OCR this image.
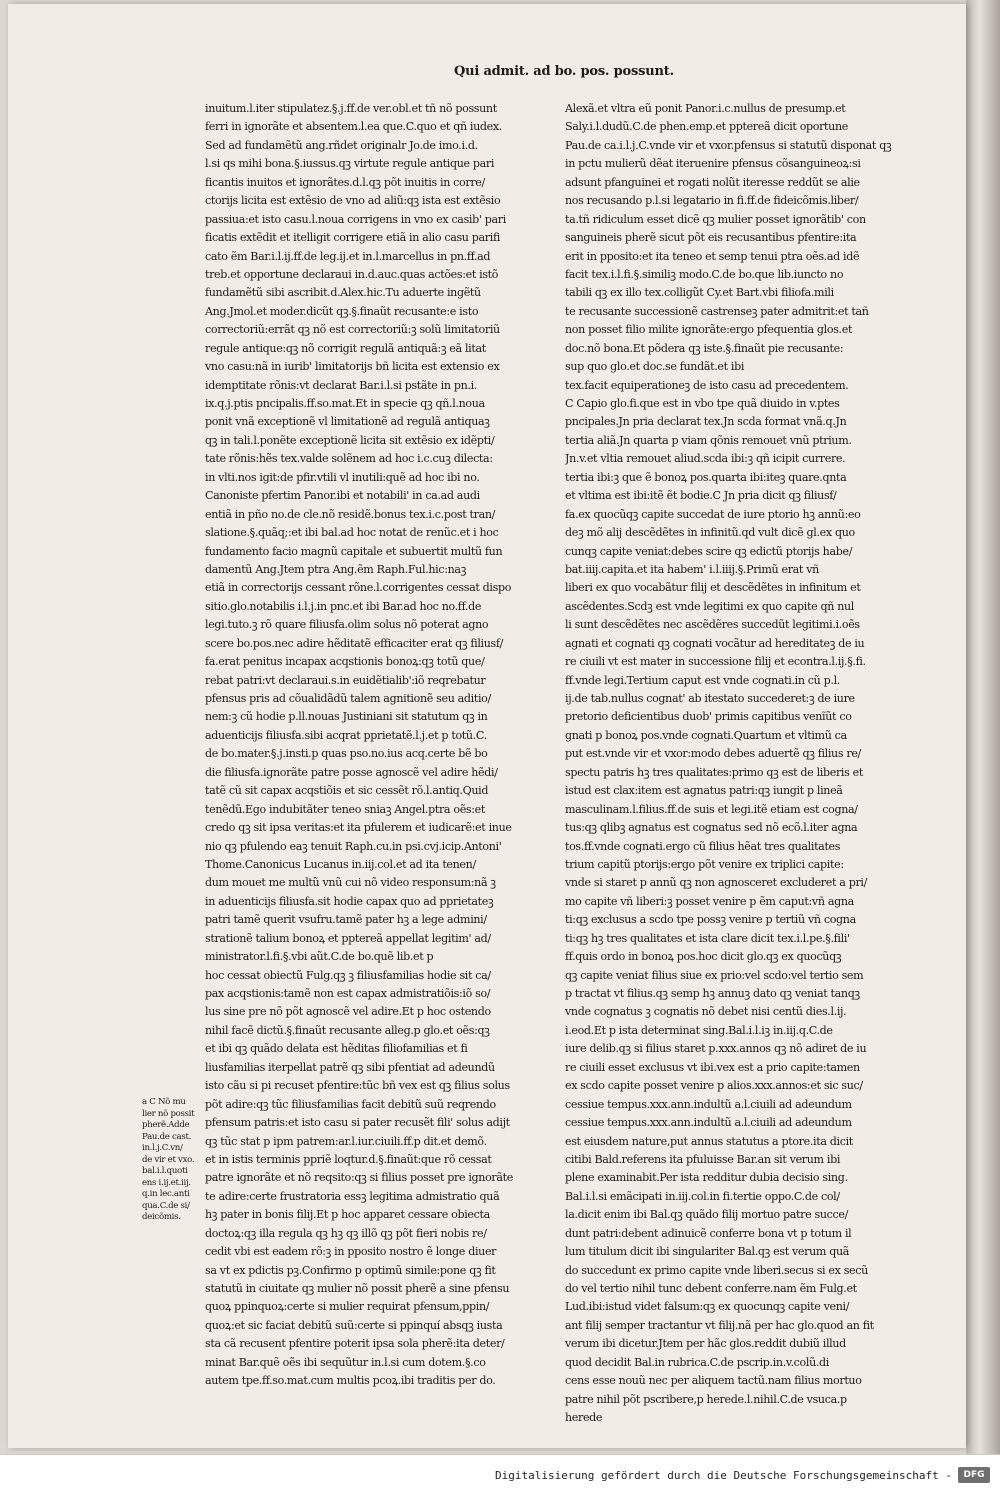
Qui admit. ad bo. pos. possunt.
inuitum.l.iter stipulatez.§.j.ff.de ver.obl.et tñ nõ possunt
ferri in ignorãte et absentem.l.ea que.C.quo et qñ iudex.
Sed ad fundamẽtũ ang.rñdet originalr Jo.de imo.i.d.
l.si qs mihi bona.§.iussus.qꝫ virtute regule antique pari
ficantis inuitos et ignorãtes.d.l.qꝫ põt inuitis in corre/
ctorijs licita est extẽsio de vno ad aliũ:qꝫ ista est extẽsio
passiua:et isto casu.l.noua corrigens in vno ex casib' pari
ficatis extẽdit et itelligit corrigere etiã in alio casu parifi
cato ẽm Bar.i.l.ij.ff.de leg.ij.et in.l.marcellus in pn.ff.ad
treb.et opportune declaraui in.d.auc.quas actões:et istõ
fundamẽtũ sibi ascribit.d.Alex.hic.Tu aduerte ingẽtũ
Ang.Jmol.et moder.dicũt qꝫ.§.finaũt recusante:e isto
correctoriũ:errãt qꝫ nõ est correctoriũ:ꝫ solũ limitatoriũ
regule antique:qꝫ nõ corrigit regulã antiquã:ꝫ eã litat
vno casu:nã in iurib' limitatorijs bñ licita est extensio ex
idemptitate rõnis:vt declarat Bar.i.l.si pstãte in pn.i.
ix.q.j.ptis pncipalis.ff.so.mat.Et in specie qꝫ qñ.l.noua
ponit vnã exceptionẽ vl limitationẽ ad regulã antiquaꝫ
qꝫ in tali.l.ponẽte exceptionẽ licita sit extẽsio ex idẽpti/
tate rõnis:hẽs tex.valde solẽnem ad hoc i.c.cuꝫ dilecta:
in vlti.nos igit:de pfir.vtili vl inutili:quẽ ad hoc ibi no.
Canoniste pfertim Panor.ibi et notabili' in ca.ad audi
entiã in pño no.de cle.nõ residẽ.bonus tex.i.c.post tran/
slatione.§.quãq;:et ibi bal.ad hoc notat de renũc.et i hoc
fundamento facio magnũ capitale et subuertit multũ fun
damentũ Ang.Jtem ptra Ang.ẽm Raph.Ful.hic:naꝫ
etiã in correctorijs cessant rõne.l.corrigentes cessat dispo
sitio.glo.notabilis i.l.j.in pnc.et ibi Bar.ad hoc no.ff.de
legi.tuto.ꝫ rõ quare filiusfa.olim solus nõ poterat agno
scere bo.pos.nec adire hẽditatẽ efficaciter erat qꝫ filiusf/
fa.erat penitus incapax acqstionis bonoꝝ:qꝫ totũ que/
rebat patri:vt declaraui.s.in euidẽtialib':iõ reqrebatur
pfensus pris ad cõualidãdũ talem agnitionẽ seu aditio/
nem:ꝫ cũ hodie p.ll.nouas Justiniani sit statutum qꝫ in
aduenticijs filiusfa.sibi acqrat pprietatẽ.l.j.et p totũ.C.
de bo.mater.§.j.insti.p quas pso.no.ius acq.certe bẽ bo
die filiusfa.ignorãte patre posse agnoscẽ vel adire hẽdi/
tatẽ cũ sit capax acqstiõis et sic cessẽt rõ.l.antiq.Quid
tenẽdũ.Ego indubitãter teneo sniaꝫ Angel.ptra oẽs:et
credo qꝫ sit ipsa veritas:et ita pfulerem et iudicarẽ:et inue
nio qꝫ pfulendo eaꝫ tenuit Raph.cu.in psi.cvj.icip.Antoni'
Thome.Canonicus Lucanus in.iij.col.et ad ita tenen/
dum mouet me multũ vnũ cui nõ video responsum:nã ꝫ
in aduenticijs filiusfa.sit hodie capax quo ad pprietateꝫ
patri tamẽ querit vsufru.tamẽ pater hꝫ a lege admini/
strationẽ talium bonoꝝ et pptereã appellat legitim' ad/
ministrator.l.fi.§.vbi aũt.C.de bo.quẽ lib.et p
hoc cessat obiectũ Fulg.qꝫ ꝫ filiusfamilias hodie sit ca/
pax acqstionis:tamẽ non est capax admistratiõis:iõ so/
lus sine pre nõ põt agnoscẽ vel adire.Et p hoc ostendo
nihil facẽ dictũ.§.finaũt recusante alleg.p glo.et oẽs:qꝫ
et ibi qꝫ quãdo delata est hẽditas filiofamilias et fi
liusfamilias iterpellat patrẽ qꝫ sibi pfentiat ad adeundũ
isto cãu si pi recuset pfentire:tũc bñ vex est qꝫ filius solus
põt adire:qꝫ tũc filiusfamilias facit debitũ suũ reqrendo
pfensum patris:et isto casu si pater recusẽt fili' solus adijt
qꝫ tũc stat p ipm patrem:ar.l.iur.ciuili.ff.p dit.et demõ.
et in istis terminis ppriẽ loqtur.d.§.finaũt:que rõ cessat
patre ignorãte et nõ reqsito:qꝫ si filius posset pre ignorãte
te adire:certe frustratoria essꝫ legitima admistratio quã
hꝫ pater in bonis filij.Et p hoc apparet cessare obiecta
doctoꝝ:qꝫ illa regula qꝫ hꝫ qꝫ illõ qꝫ põt fieri nobis re/
cedit vbi est eadem rõ:ꝫ in pposito nostro ẽ longe diuer
sa vt ex pdictis pꝫ.Confirmo p optimũ simile:pone qꝫ fit
statutũ in ciuitate qꝫ mulier nõ possit pherẽ a sine pfensu
quoꝝ ppinquoꝝ:certe si mulier requirat pfensum,ppin/
quoꝝ:et sic faciat debitũ suũ:certe si ppinquí absqꝫ iusta
sta cã recusent pfentire poterit ipsa sola pherẽ:ita deter/
minat Bar.quẽ oẽs ibi sequũtur in.l.si cum dotem.§.co
autem tpe.ff.so.mat.cum multis pcoꝝ.ibi traditis per do.
Alexã.et vltra eũ ponit Panor.i.c.nullus de presump.et
Saly.i.l.dudũ.C.de phen.emp.et pptereã dicit oportune
Pau.de ca.i.l.j.C.vnde vir et vxor.pfensus si statutũ disponat qꝫ
in pctu mulierũ dẽat iteruenire pfensus cõsanguineoꝝ:si
adsunt pfanguinei et rogati nolũt iteresse reddũt se alie
nos recusando p.l.si legatario in fi.ff.de fideicõmis.liber/
ta.tñ ridiculum esset dicẽ qꝫ mulier posset ignorãtib' con
sanguineis pherẽ sicut põt eis recusantibus pfentire:ita
erit in pposito:et ita teneo et semp tenui ptra oẽs.ad idẽ
facit tex.i.l.fi.§.similiꝫ modo.C.de bo.que lib.iuncto no
tabili qꝫ ex illo tex.colligũt Cy.et Bart.vbi filiofa.mili
te recusante successionẽ castrenseꝫ pater admitrit:et tañ
non posset filio milite ignorãte:ergo pfequentia glos.et
doc.nõ bona.Et põdera qꝫ iste.§.finaũt pie recusante:
sup quo glo.et doc.se fundãt.et ibi
tex.facit equiperationeꝫ de isto casu ad precedentem.
C Capio glo.fi.que est in vbo tpe quã diuido in v.ptes
pncipales.Jn pria declarat tex.Jn scda format vnã.q.Jn
tertia aliã.Jn quarta p viam qõnis remouet vnũ ptrium.
Jn.v.et vltia remouet aliud.scda ibi:ꝫ qñ icipit currere.
tertia ibi:ꝫ que ẽ bonoꝝ pos.quarta ibi:iteꝫ quare.qnta
et vltima est ibi:itẽ ẽt bodie.C Jn pria dicit qꝫ filiusf/
fa.ex quocũqꝫ capite succedat de iure ptorio hꝫ annũ:eo
deꝫ mõ alij descẽdẽtes in infinitũ.qd vult dicẽ gl.ex quo
cunqꝫ capite veniat:debes scire qꝫ edictũ ptorijs habe/
bat.iiij.capita.et ita habem' i.l.iiij.§.Primũ erat vñ
liberi ex quo vocabãtur filij et descẽdẽtes in infinitum et
ascẽdentes.Scdꝫ est vnde legitimi ex quo capite qñ nul
li sunt descẽdẽtes nec ascẽdẽres succedũt legitimi.i.oẽs
agnati et cognati qꝫ cognati vocãtur ad hereditateꝫ de iu
re ciuili vt est mater in successione filij et econtra.l.ij.§.fi.
ff.vnde legi.Tertium caput est vnde cognati.in cũ p.l.
ij.de tab.nullus cognat' ab itestato succederet:ꝫ de iure
pretorio deficientibus duob' primis capitibus venĩũt co
gnati p bonoꝝ pos.vnde cognati.Quartum et vltimũ ca
put est.vnde vir et vxor:modo debes aduertẽ qꝫ filius re/
spectu patris hꝫ tres qualitates:primo qꝫ est de liberis et
istud est clax:item est agnatus patri:qꝫ iungit p lineã
masculinam.l.filius.ff.de suis et legi.itẽ etiam est cogna/
tus:qꝫ qlibꝫ agnatus est cognatus sed nõ ecõ.l.iter agna
tos.ff.vnde cognati.ergo cũ filius hẽat tres qualitates
trium capitũ ptorijs:ergo põt venire ex triplici capite:
vnde si staret p annũ qꝫ non agnosceret excluderet a pri/
mo capite vñ liberi:ꝫ posset venire p ẽm caput:vñ agna
ti:qꝫ exclusus a scdo tpe possꝫ venire p tertiũ vñ cogna
ti:qꝫ hꝫ tres qualitates et ista clare dicit tex.i.l.pe.§.fili'
ff.quis ordo in bonoꝝ pos.hoc dicit glo.qꝫ ex quocũqꝫ
qꝫ capite veniat filius siue ex prio:vel scdo:vel tertio sem
p tractat vt filius.qꝫ semp hꝫ annuꝫ dato qꝫ veniat tanqꝫ
vnde cognatus ꝫ cognatis nõ debet nisi centũ dies.l.ij.
i.eod.Et p ista determinat sing.Bal.i.l.iꝫ in.iij.q.C.de
iure delib.qꝫ si filius staret p.xxx.annos qꝫ nõ adiret de iu
re ciuili esset exclusus vt ibi.vex est a prio capite:tamen
ex scdo capite posset venire p alios.xxx.annos:et sic suc/
cessiue tempus.xxx.ann.indultũ a.l.ciuili ad adeundum
cessiue tempus.xxx.ann.indultũ a.l.ciuili ad adeundum
est eiusdem nature,put annus statutus a ptore.ita dicit
citibi Bald.referens ita pfuluisse Bar.an sit verum ibi
plene examinabit.Per ista redditur dubia decisio sing.
Bal.i.l.si emãcipati in.iij.col.in fi.tertie oppo.C.de col/
la.dicit enim ibi Bal.qꝫ quãdo filij mortuo patre succe/
dunt patri:debent adinuicẽ conferre bona vt p totum il
lum titulum dicit ibi singulariter Bal.qꝫ est verum quã
do succedunt ex primo capite vnde liberi.secus si ex secũ
do vel tertio nihil tunc debent conferre.nam ẽm Fulg.et
Lud.ibi:istud videt falsum:qꝫ ex quocunqꝫ capite veni/
ant filij semper tractantur vt filij.nã per hac glo.quod an fit
verum ibi dicetur.Jtem per hãc glos.reddit dubiũ illud
quod decidit Bal.in rubrica.C.de pscrip.in.v.colũ.di
cens esse nouũ nec per aliquem tactũ.nam filius mortuo
patre nihil põt pscribere,p herede.l.nihil.C.de vsuca.p
herede
a C Nõ mu
lier nõ possit
pherẽ.Adde
Pau.de cast.
in.l.j.C.vn/
de vir et vxo.
bal.i.l.quoti
ens i.ij.et.iij.
q.in lec.anti
qua.C.de si/
deicõmis.
Digitalisierung gefördert durch die Deutsche Forschungsgemeinschaft -	DFG
